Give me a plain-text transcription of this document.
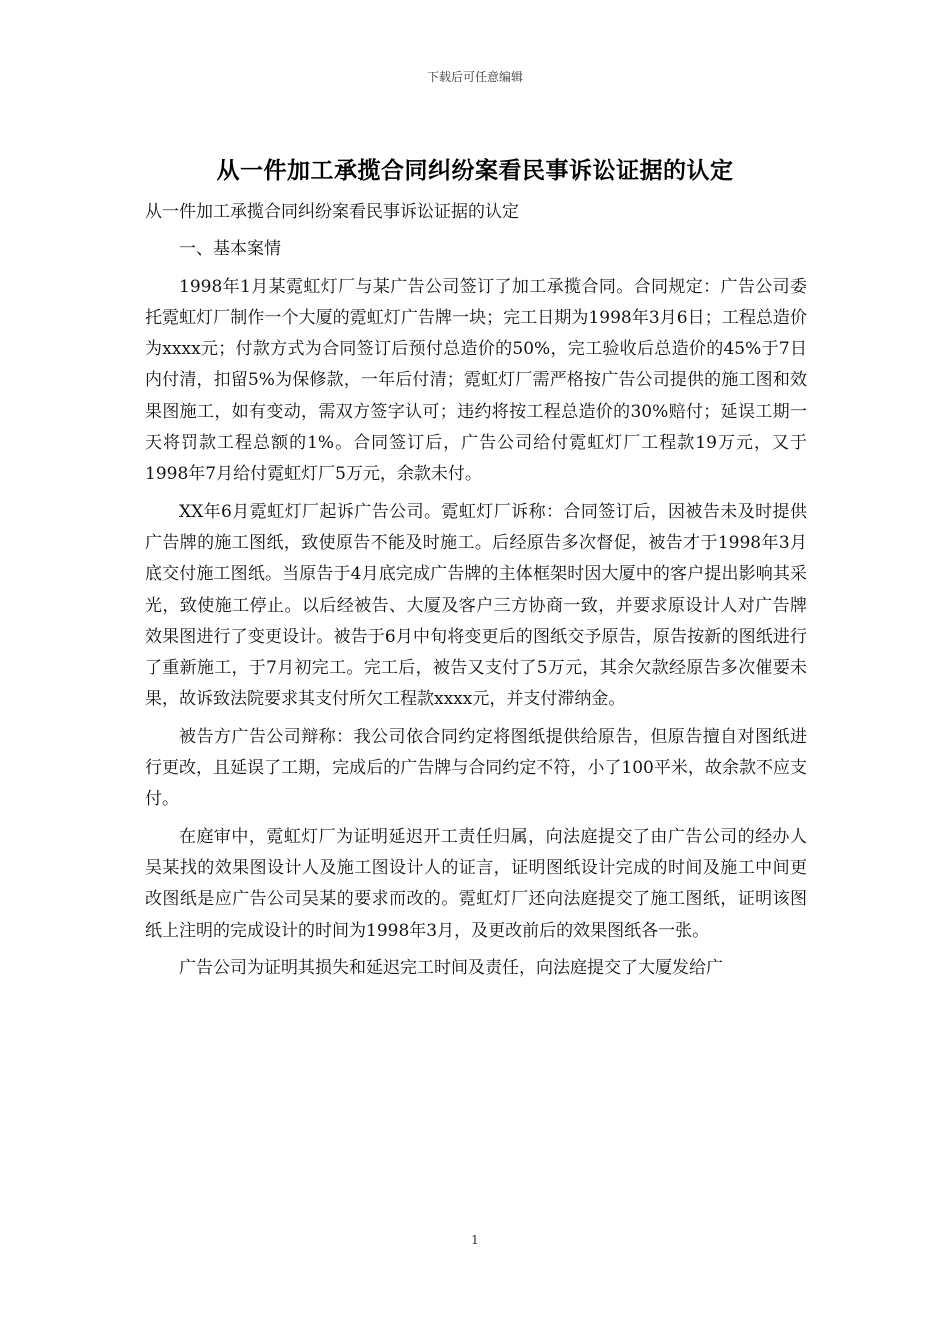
下载后可任意编辑
从一件加工承揽合同纠纷案看民事诉讼证据的认定

从一件加工承揽合同纠纷案看民事诉讼证据的认定

一、基本案情

1998年1月某霓虹灯厂与某广告公司签订了加工承揽合同。合同规定：广告公司委托霓虹灯厂制作一个大厦的霓虹灯广告牌一块；完工日期为1998年3月6日；工程总造价为xxxx元；付款方式为合同签订后预付总造价的50%，完工验收后总造价的45%于7日内付清，扣留5%为保修款，一年后付清；霓虹灯厂需严格按广告公司提供的施工图和效果图施工，如有变动，需双方签字认可；违约将按工程总造价的30%赔付；延误工期一天将罚款工程总额的1%。合同签订后，广告公司给付霓虹灯厂工程款19万元，又于1998年7月给付霓虹灯厂5万元，余款未付。

XX年6月霓虹灯厂起诉广告公司。霓虹灯厂诉称：合同签订后，因被告未及时提供广告牌的施工图纸，致使原告不能及时施工。后经原告多次督促，被告才于1998年3月底交付施工图纸。当原告于4月底完成广告牌的主体框架时因大厦中的客户提出影响其采光，致使施工停止。以后经被告、大厦及客户三方协商一致，并要求原设计人对广告牌效果图进行了变更设计。被告于6月中旬将变更后的图纸交予原告，原告按新的图纸进行了重新施工，于7月初完工。完工后，被告又支付了5万元，其余欠款经原告多次催要未果，故诉致法院要求其支付所欠工程款xxxx元，并支付滞纳金。

被告方广告公司辩称：我公司依合同约定将图纸提供给原告，但原告擅自对图纸进行更改，且延误了工期，完成后的广告牌与合同约定不符，小了100平米，故余款不应支付。

在庭审中，霓虹灯厂为证明延迟开工责任归属，向法庭提交了由广告公司的经办人吴某找的效果图设计人及施工图设计人的证言，证明图纸设计完成的时间及施工中间更改图纸是应广告公司吴某的要求而改的。霓虹灯厂还向法庭提交了施工图纸，证明该图纸上注明的完成设计的时间为1998年3月，及更改前后的效果图纸各一张。

广告公司为证明其损失和延迟完工时间及责任，向法庭提交了大厦发给广

1
